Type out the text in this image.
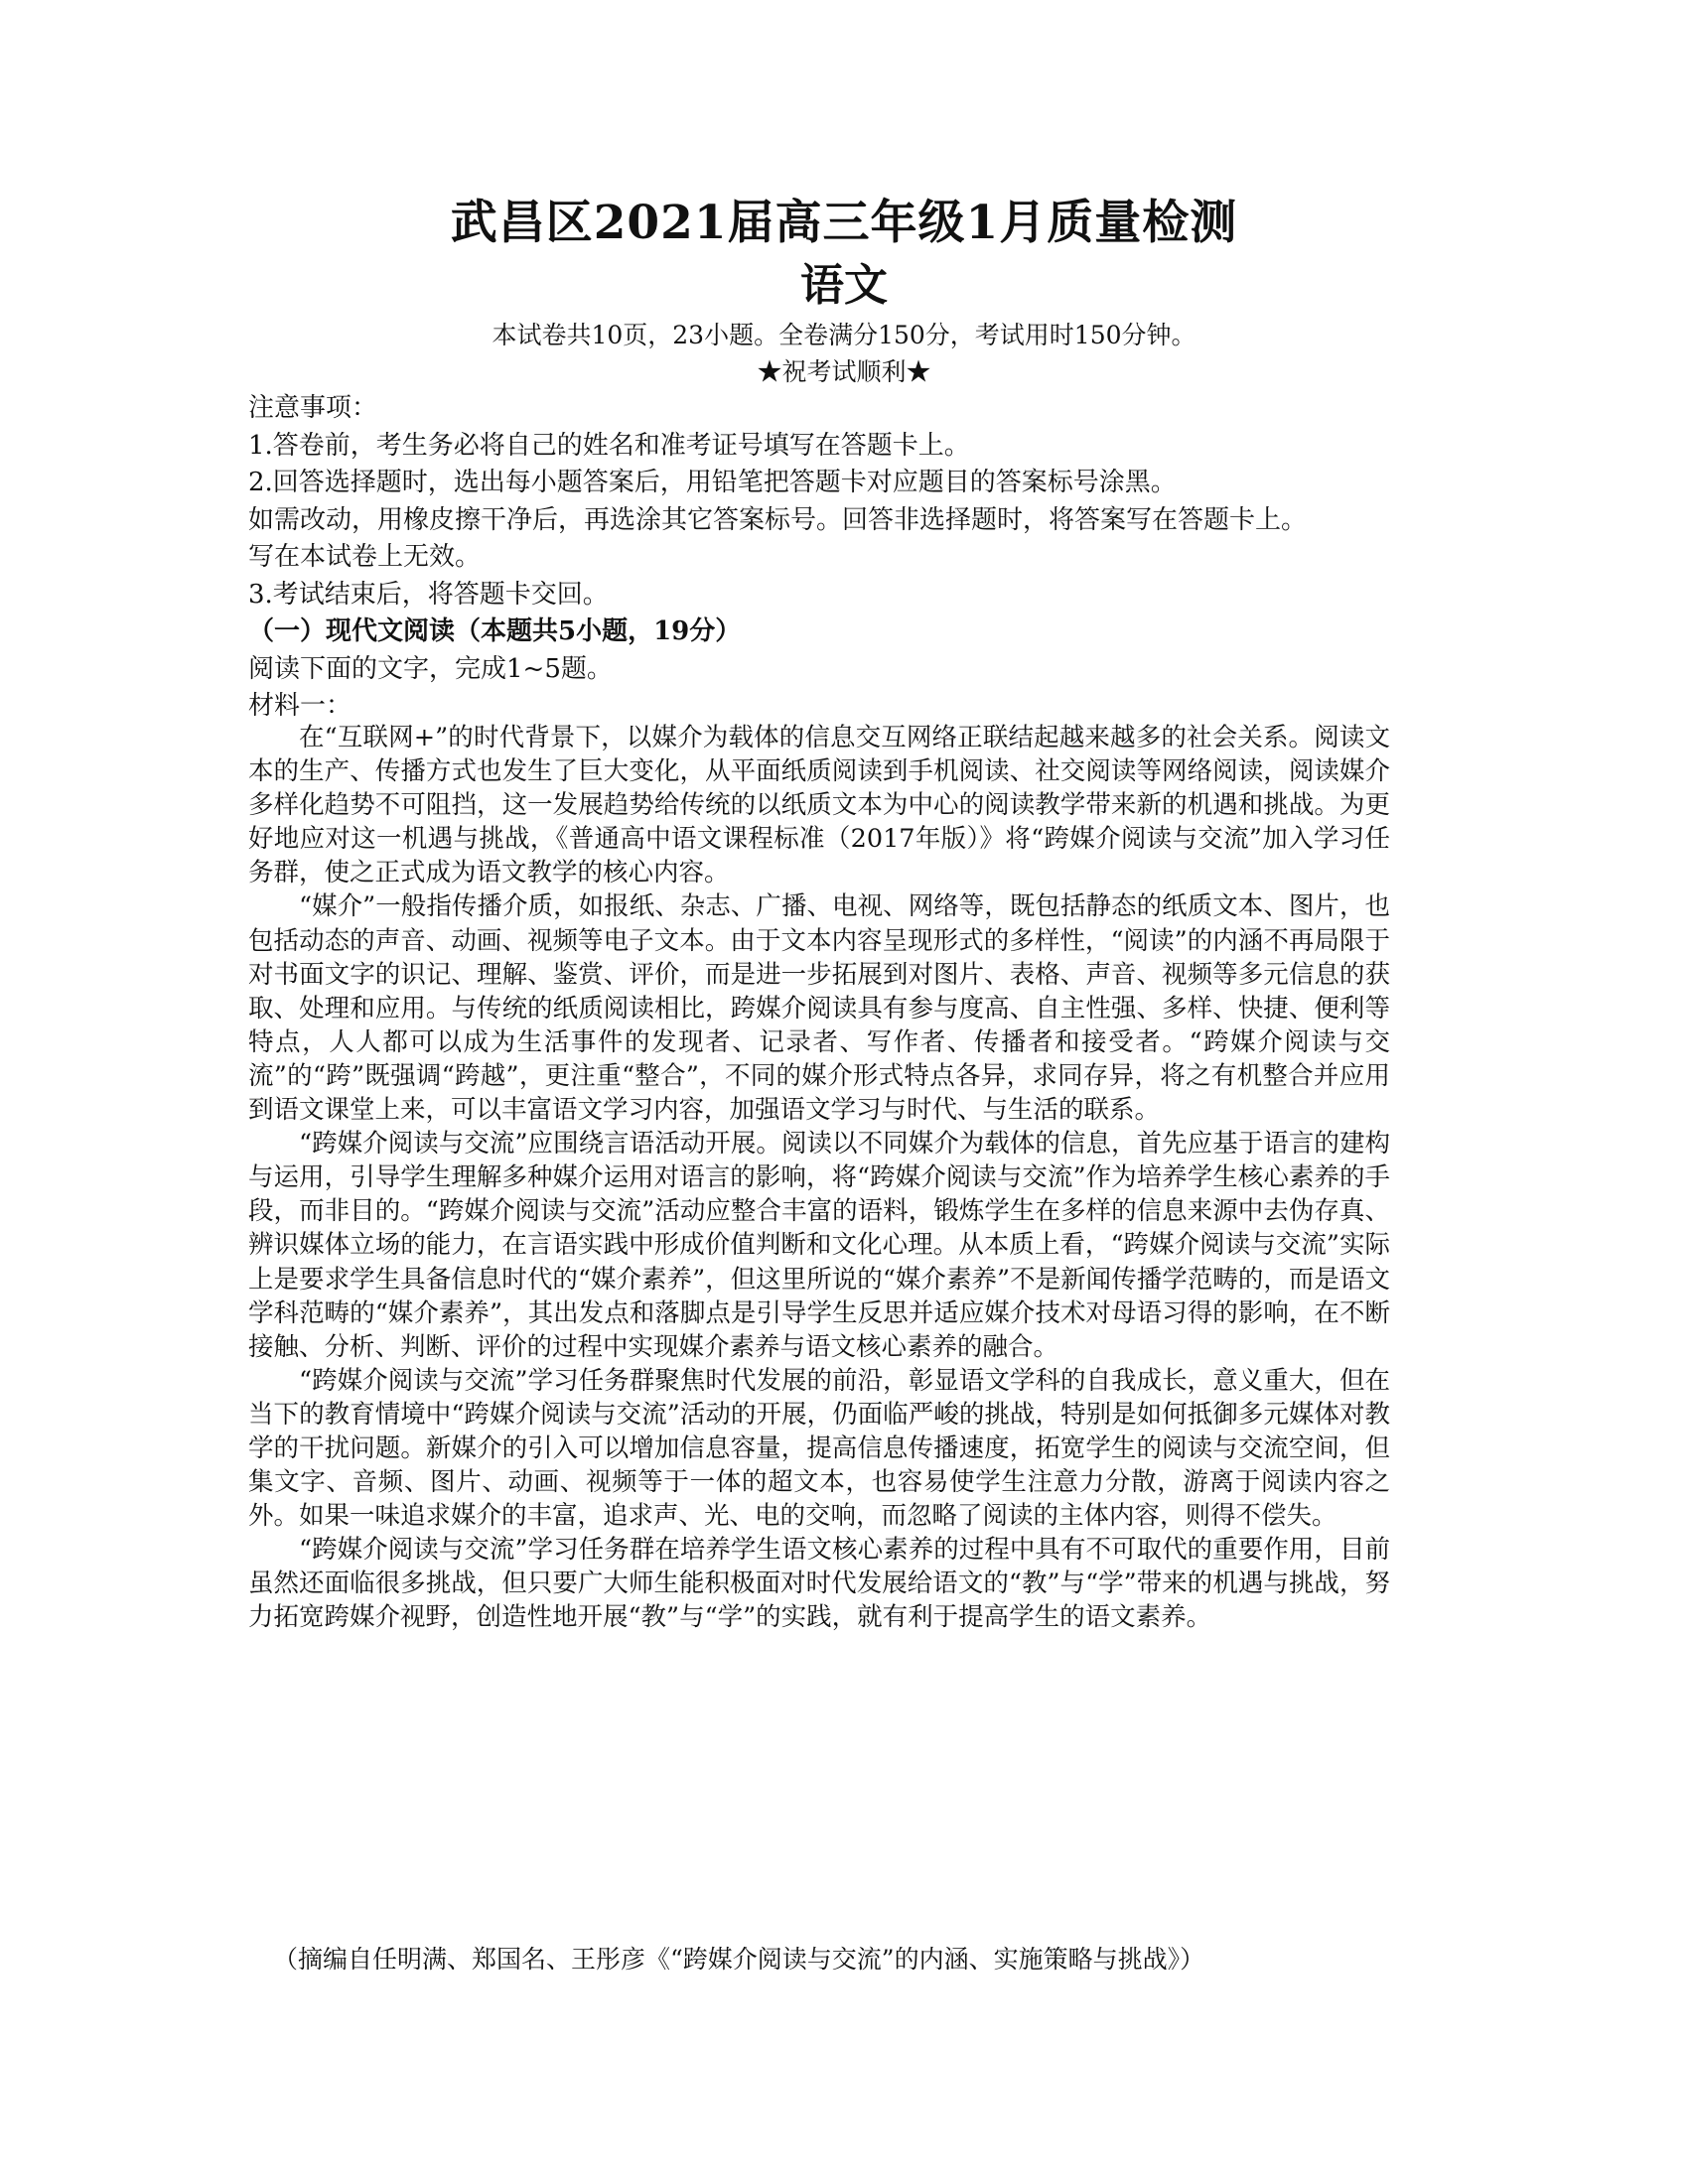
武昌区2021届高三年级1月质量检测
语文
本试卷共10页，23小题。全卷满分150分，考试用时150分钟。
★祝考试顺利★
注意事项：
1.答卷前，考生务必将自己的姓名和准考证号填写在答题卡上。
2.回答选择题时，选出每小题答案后，用铅笔把答题卡对应题目的答案标号涂黑。
如需改动，用橡皮擦干净后，再选涂其它答案标号。回答非选择题时，将答案写在答题卡上。
写在本试卷上无效。
3.考试结束后，将答题卡交回。
（一）现代文阅读（本题共5小题，19分）
阅读下面的文字，完成1~5题。
材料一：

在“互联网+”的时代背景下，以媒介为载体的信息交互网络正联结起越来越多的社会关系。阅读文本的生产、传播方式也发生了巨大变化，从平面纸质阅读到手机阅读、社交阅读等网络阅读，阅读媒介多样化趋势不可阻挡，这一发展趋势给传统的以纸质文本为中心的阅读教学带来新的机遇和挑战。为更好地应对这一机遇与挑战，《普通高中语文课程标准（2017年版）》将“跨媒介阅读与交流”加入学习任务群，使之正式成为语文教学的核心内容。

“媒介”一般指传播介质，如报纸、杂志、广播、电视、网络等，既包括静态的纸质文本、图片，也包括动态的声音、动画、视频等电子文本。由于文本内容呈现形式的多样性，“阅读”的内涵不再局限于对书面文字的识记、理解、鉴赏、评价，而是进一步拓展到对图片、表格、声音、视频等多元信息的获取、处理和应用。与传统的纸质阅读相比，跨媒介阅读具有参与度高、自主性强、多样、快捷、便利等特点，人人都可以成为生活事件的发现者、记录者、写作者、传播者和接受者。“跨媒介阅读与交流”的“跨”既强调“跨越”，更注重“整合”，不同的媒介形式特点各异，求同存异，将之有机整合并应用到语文课堂上来，可以丰富语文学习内容，加强语文学习与时代、与生活的联系。

“跨媒介阅读与交流”应围绕言语活动开展。阅读以不同媒介为载体的信息，首先应基于语言的建构与运用，引导学生理解多种媒介运用对语言的影响，将“跨媒介阅读与交流”作为培养学生核心素养的手段，而非目的。“跨媒介阅读与交流”活动应整合丰富的语料，锻炼学生在多样的信息来源中去伪存真、辨识媒体立场的能力，在言语实践中形成价值判断和文化心理。从本质上看，“跨媒介阅读与交流”实际上是要求学生具备信息时代的“媒介素养”，但这里所说的“媒介素养”不是新闻传播学范畴的，而是语文学科范畴的“媒介素养”，其出发点和落脚点是引导学生反思并适应媒介技术对母语习得的影响，在不断接触、分析、判断、评价的过程中实现媒介素养与语文核心素养的融合。

“跨媒介阅读与交流”学习任务群聚焦时代发展的前沿，彰显语文学科的自我成长，意义重大，但在当下的教育情境中“跨媒介阅读与交流”活动的开展，仍面临严峻的挑战，特别是如何抵御多元媒体对教学的干扰问题。新媒介的引入可以增加信息容量，提高信息传播速度，拓宽学生的阅读与交流空间，但集文字、音频、图片、动画、视频等于一体的超文本，也容易使学生注意力分散，游离于阅读内容之外。如果一味追求媒介的丰富，追求声、光、电的交响，而忽略了阅读的主体内容，则得不偿失。

“跨媒介阅读与交流”学习任务群在培养学生语文核心素养的过程中具有不可取代的重要作用，目前虽然还面临很多挑战，但只要广大师生能积极面对时代发展给语文的“教”与“学”带来的机遇与挑战，努力拓宽跨媒介视野，创造性地开展“教”与“学”的实践，就有利于提高学生的语文素养。

（摘编自任明满、郑国名、王彤彦《“跨媒介阅读与交流”的内涵、实施策略与挑战》）
